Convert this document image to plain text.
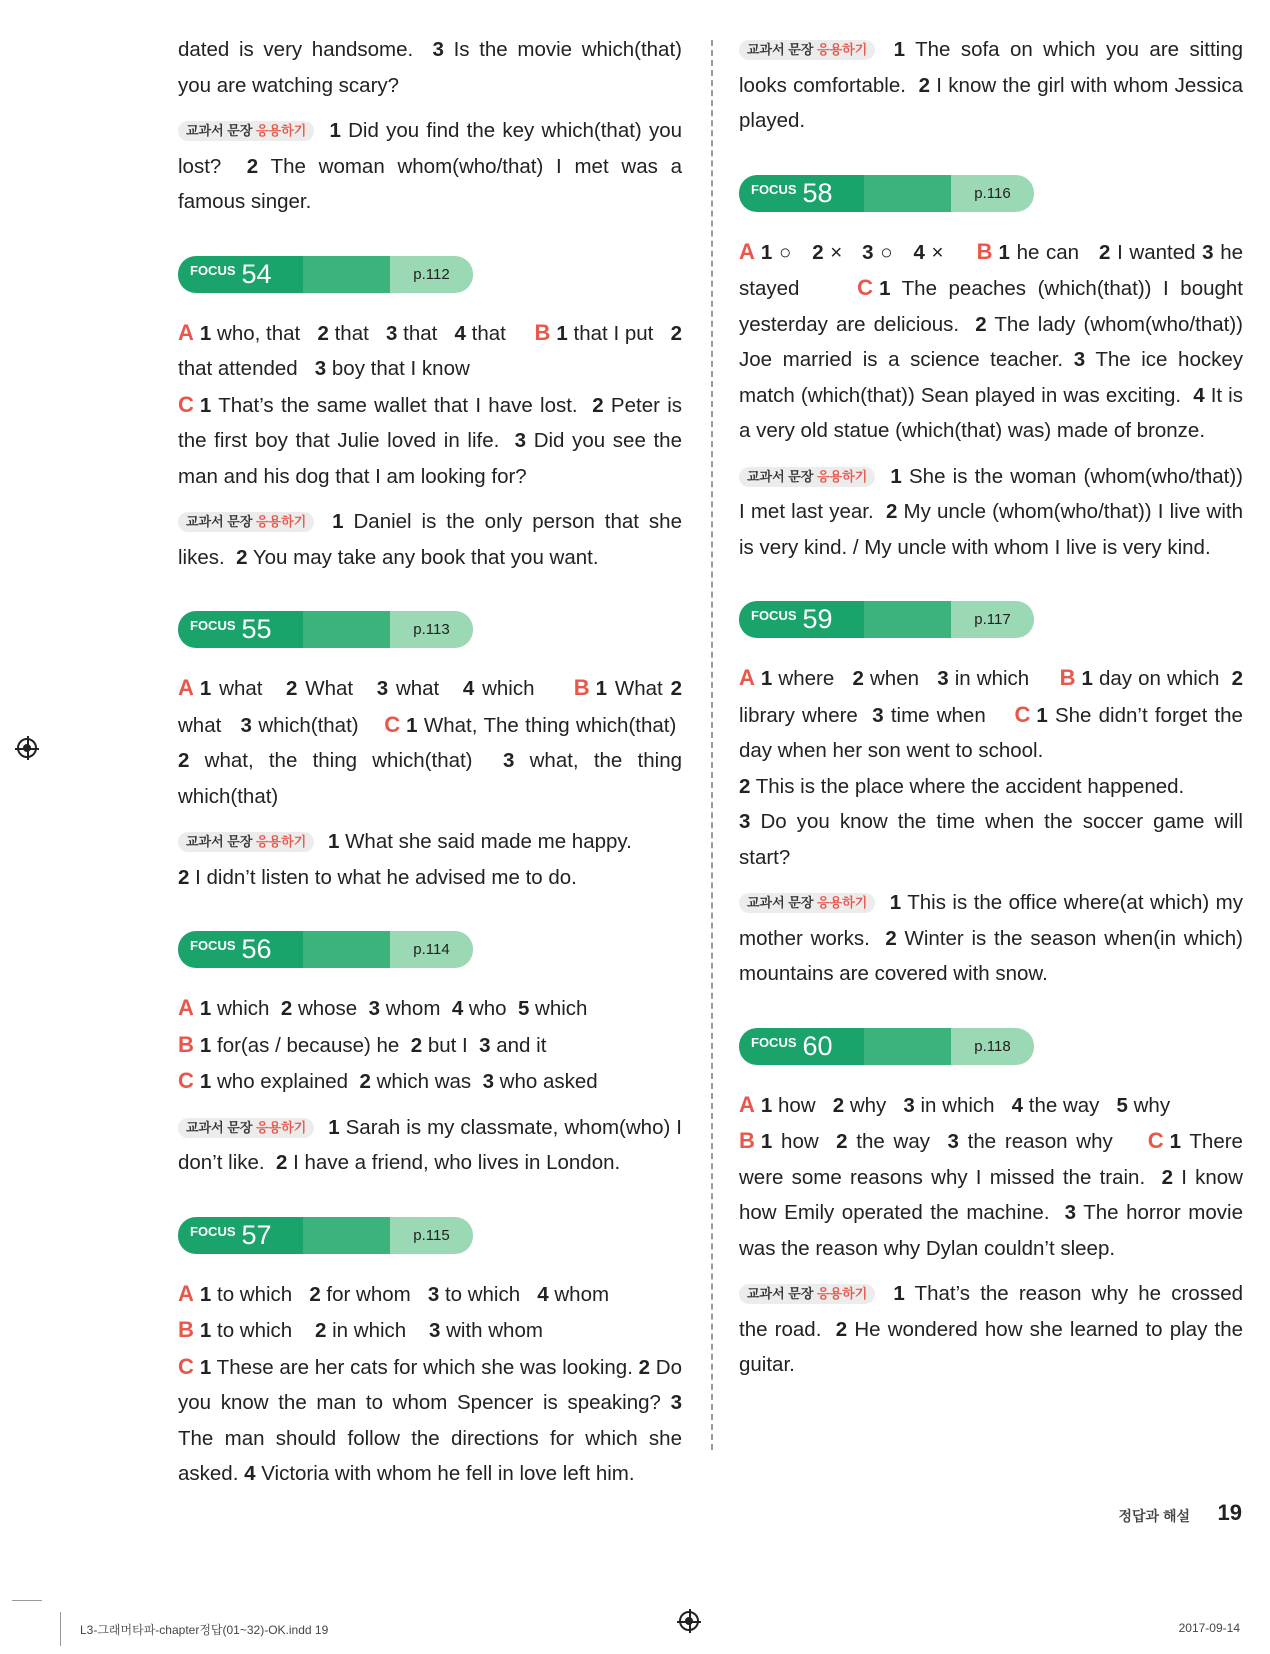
dated is very handsome. 3 Is the movie which(that) you are watching scary?

교과서 문장 응용하기 1 Did you find the key which(that) you lost? 2 The woman whom(who/that) I met was a famous singer.

FOCUS 54	p.112

A 1 who, that 2 that 3 that 4 that B 1 that I put 2 that attended 3 boy that I know
C 1 That’s the same wallet that I have lost. 2 Peter is the first boy that Julie loved in life. 3 Did you see the man and his dog that I am looking for?

교과서 문장 응용하기 1 Daniel is the only person that she likes. 2 You may take any book that you want.

FOCUS 55	p.113

A 1 what 2 What 3 what 4 which B 1 What 2 what 3 which(that) C 1 What, The thing which(that)  2 what, the thing which(that) 3 what, the thing which(that)

교과서 문장 응용하기 1 What she said made me happy.
2 I didn’t listen to what he advised me to do.

FOCUS 56	p.114

A 1 which 2 whose 3 whom 4 who 5 which
B 1 for(as / because) he 2 but I 3 and it
C 1 who explained 2 which was 3 who asked

교과서 문장 응용하기 1 Sarah is my classmate, whom(who) I don’t like. 2 I have a friend, who lives in London.

FOCUS 57	p.115

A 1 to which 2 for whom 3 to which 4 whom
B 1 to which 2 in which 3 with whom
C 1 These are her cats for which she was looking. 2 Do you know the man to whom Spencer is speaking? 3 The man should follow the directions for which she asked. 4 Victoria with whom he fell in love left him.

교과서 문장 응용하기 1 The sofa on which you are sitting looks comfortable. 2 I know the girl with whom Jessica played.

FOCUS 58	p.116

A 1 ○ 2 × 3 ○ 4 × B 1 he can 2 I wanted 3 he stayed	C 1 The peaches (which(that)) I bought yesterday are delicious. 2 The lady (whom(who/that)) Joe married is a science teacher. 3 The ice hockey match (which(that)) Sean played in was exciting. 4 It is a very old statue (which(that) was) made of bronze.

교과서 문장 응용하기 1 She is the woman (whom(who/that)) I met last year. 2 My uncle (whom(who/that)) I live with is very kind. / My uncle with whom I live is very kind.

FOCUS 59	p.117

A 1 where 2 when 3 in which B 1 day on which 2 library where 3 time when C 1 She didn’t forget the day when her son went to school.
2 This is the place where the accident happened.
3 Do you know the time when the soccer game will start?

교과서 문장 응용하기 1 This is the office where(at which) my mother works. 2 Winter is the season when(in which) mountains are covered with snow.

FOCUS 60	p.118

A 1 how 2 why 3 in which 4 the way 5 why
B 1 how 2 the way 3 the reason why C 1 There were some reasons why I missed the train. 2 I know how Emily operated the machine. 3 The horror movie was the reason why Dylan couldn’t sleep.

교과서 문장 응용하기 1 That’s the reason why he crossed the road. 2 He wondered how she learned to play the guitar.

정답과 해설 19
L3-그래머타파-chapter정답(01~32)-OK.indd 19	2017-09-14
